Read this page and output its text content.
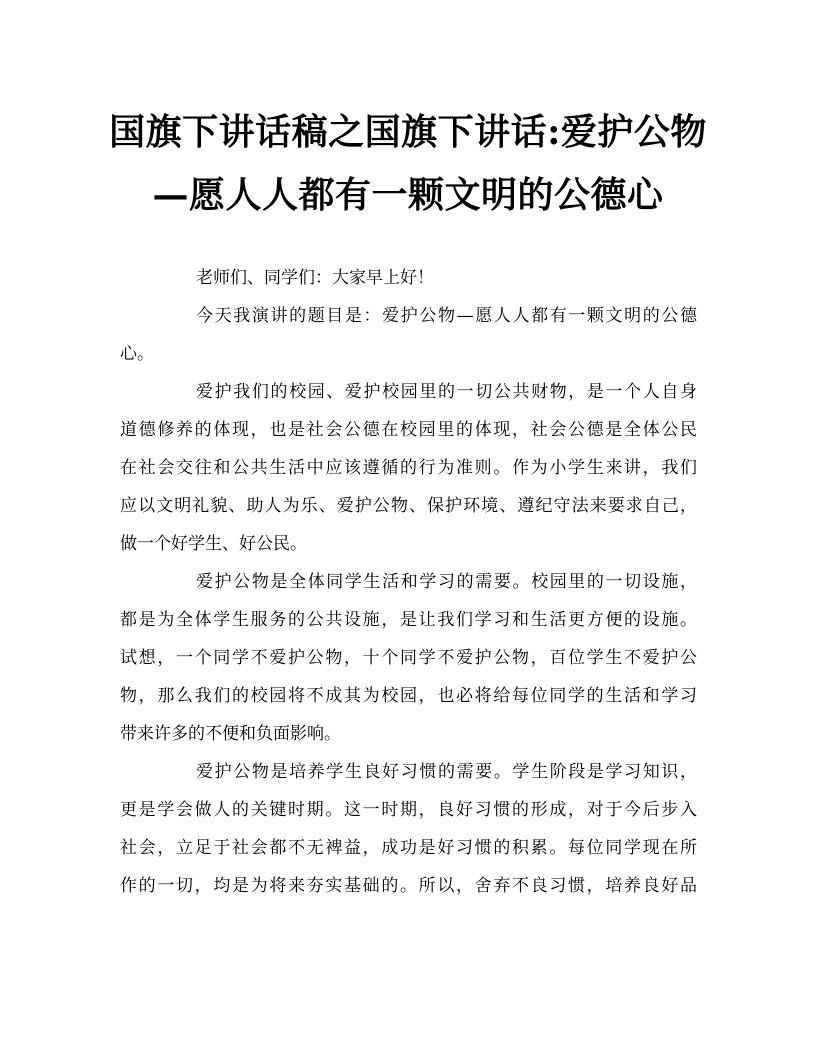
国旗下讲话稿之国旗下讲话:爱护公物
—愿人人都有一颗文明的公德心
老师们、同学们：大家早上好！
今天我演讲的题目是：爱护公物—愿人人都有一颗文明的公德
心。
爱护我们的校园、爱护校园里的一切公共财物，是一个人自身
道德修养的体现，也是社会公德在校园里的体现，社会公德是全体公民
在社会交往和公共生活中应该遵循的行为准则。作为小学生来讲，我们
应以文明礼貌、助人为乐、爱护公物、保护环境、遵纪守法来要求自己，
做一个好学生、好公民。
爱护公物是全体同学生活和学习的需要。校园里的一切设施，
都是为全体学生服务的公共设施，是让我们学习和生活更方便的设施。
试想，一个同学不爱护公物，十个同学不爱护公物，百位学生不爱护公
物，那么我们的校园将不成其为校园，也必将给每位同学的生活和学习
带来许多的不便和负面影响。
爱护公物是培养学生良好习惯的需要。学生阶段是学习知识，
更是学会做人的关键时期。这一时期，良好习惯的形成，对于今后步入
社会，立足于社会都不无裨益，成功是好习惯的积累。每位同学现在所
作的一切，均是为将来夯实基础的。所以，舍弃不良习惯，培养良好品
